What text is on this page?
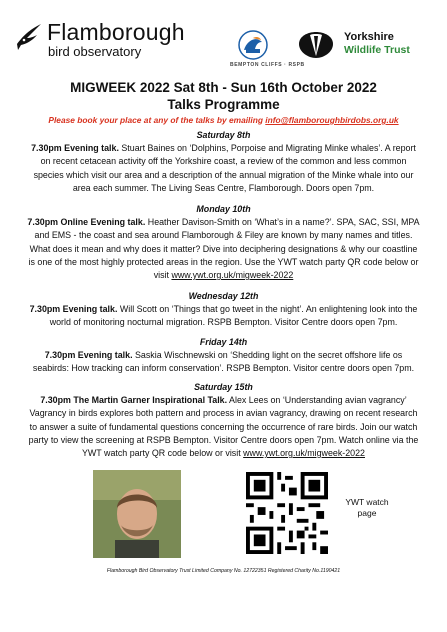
Flamborough
bird observatory
BEMPTON CLIFFS · RSPB
Yorkshire
Wildlife Trust
MIGWEEK 2022 Sat 8th - Sun 16th October 2022
Talks Programme
Please book your place at any of the talks by emailing info@flamboroughbirdobs.org.uk
Saturday 8th
7.30pm Evening talk. Stuart Baines on ‘Dolphins, Porpoise and Migrating Minke whales’. A report on recent cetacean activity off the Yorkshire coast, a review of the common and less common species which visit our area and a description of the annual migration of the Minke whale into our area each summer. The Living Seas Centre, Flamborough. Doors open 7pm.
Monday 10th
7.30pm Online Evening talk. Heather Davison-Smith on ‘What’s in a name?’. SPA, SAC, SSI, MPA and EMS - the coast and sea around Flamborough & Filey are known by many names and titles. What does it mean and why does it matter? Dive into deciphering designations & why our coastline is one of the most highly protected areas in the region. Use the YWT watch party QR code below or visit www.ywt.org.uk/migweek-2022
Wednesday 12th
7.30pm Evening talk. Will Scott on ‘Things that go tweet in the night’. An enlightening look into the world of monitoring nocturnal migration. RSPB Bempton. Visitor Centre doors open 7pm.
Friday 14th
7.30pm Evening talk. Saskia Wischnewski on ‘Shedding light on the secret offshore life os seabirds: How tracking can inform conservation’. RSPB Bempton. Visitor centre doors open 7pm.
Saturday 15th
7.30pm The Martin Garner Inspirational Talk. Alex Lees on ‘Understanding avian vagrancy’ Vagrancy in birds explores both pattern and process in avian vagrancy, drawing on recent research to answer a suite of fundamental questions concerning the occurrence of rare birds. Join our watch party to view the screening at RSPB Bempton. Visitor Centre doors open 7pm. Watch online via the YWT watch party QR code below or visit www.ywt.org.uk/migweek-2022
YWT watch page
Flamborough Bird Observatory Trust Limited Company No. 12722351 Registered Charity No.1190421
